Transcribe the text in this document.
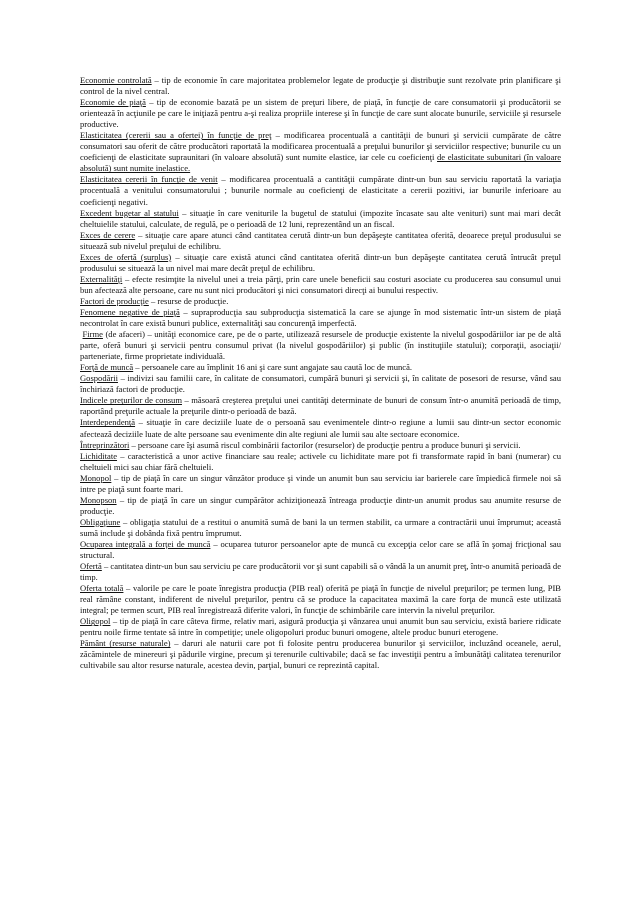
Economie controlată – tip de economie în care majoritatea problemelor legate de producţie şi distribuţie sunt rezolvate prin planificare şi control de la nivel central.

Economie de piaţă – tip de economie bazată pe un sistem de preţuri libere, de piaţă, în funcţie de care consumatorii şi producătorii se orientează în acţiunile pe care le iniţiază pentru a-şi realiza propriile interese şi în funcţie de care sunt alocate bunurile, serviciile şi resursele productive.

Elasticitatea (cererii sau a ofertei) în funcţie de preţ – modificarea procentuală a cantităţii de bunuri şi servicii cumpărate de către consumatori sau oferit de către producători raportată la modificarea procentuală a preţului bunurilor şi serviciilor respective; bunurile cu un coeficienţi de elasticitate supraunitari (în valoare absolută) sunt numite elastice, iar cele cu coeficienţi de elasticitate subunitari (în valoare absolută) sunt numite inelastice.

Elasticitatea cererii în funcţie de venit – modificarea procentuală a cantităţii cumpărate dintr-un bun sau serviciu raportată la variaţia procentuală a venitului consumatorului ; bunurile normale au coeficienţi de elasticitate a cererii pozitivi, iar bunurile inferioare au coeficienţi negativi.

Excedent bugetar al statului – situaţie în care veniturile la bugetul de statului (impozite încasate sau alte venituri) sunt mai mari decât cheltuielile statului, calculate, de regulă, pe o perioadă de 12 luni, reprezentând un an fiscal.

Exces de cerere – situaţie care apare atunci când cantitatea cerută dintr-un bun depăşeşte cantitatea oferită, deoarece preţul produsului se situează sub nivelul preţului de echilibru.

Exces de ofertă (surplus) – situaţie care există atunci când cantitatea oferită dintr-un bun depăşeşte cantitatea cerută întrucât preţul produsului se situează la un nivel mai mare decât preţul de echilibru.

Externalităţi – efecte resimţite la nivelul unei a treia părţi, prin care unele beneficii sau costuri asociate cu producerea sau consumul unui bun afectează alte persoane, care nu sunt nici producători şi nici consumatori direcţi ai bunului respectiv.

Factori de producţie – resurse de producţie.

Fenomene negative de piaţă – supraproducţia sau subproducţia sistematică la care se ajunge în mod sistematic într-un sistem de piaţă necontrolat în care există bunuri publice, externalităţi sau concurenţă imperfectă.

Firme (de afaceri) – unităţi economice care, pe de o parte, utilizează resursele de producţie existente la nivelul gospodăriilor iar pe de altă parte, oferă bunuri şi servicii pentru consumul privat (la nivelul gospodăriilor) şi public (în instituţiile statului); corporaţii, asociaţii/ parteneriate, firme proprietate individuală.

Forţă de muncă – persoanele care au împlinit 16 ani şi care sunt angajate sau caută loc de muncă.

Gospodării – indivizi sau familii care, în calitate de consumatori, cumpără bunuri şi servicii şi, în calitate de posesori de resurse, vând sau închiriază factori de producţie.

Indicele preţurilor de consum – măsoară creşterea preţului unei cantităţi determinate de bunuri de consum într-o anumită perioadă de timp, raportând preţurile actuale la preţurile dintr-o perioadă de bază.

Interdependenţă – situaţie în care deciziile luate de o persoană sau evenimentele dintr-o regiune a lumii sau dintr-un sector economic afectează deciziile luate de alte persoane sau evenimente din alte regiuni ale lumii sau alte sectoare economice.

Întreprinzători – persoane care îşi asumă riscul combinării factorilor (resurselor) de producţie pentru a produce bunuri şi servicii.

Lichiditate – caracteristică a unor active financiare sau reale; activele cu lichiditate mare pot fi transformate rapid în bani (numerar) cu cheltuieli mici sau chiar fără cheltuieli.

Monopol – tip de piaţă în care un singur vânzător produce şi vinde un anumit bun sau serviciu iar barierele care împiedică firmele noi să intre pe piaţă sunt foarte mari.

Monopson – tip de piaţă în care un singur cumpărător achiziţionează întreaga producţie dintr-un anumit produs sau anumite resurse de producţie.

Obligaţiune – obligaţia statului de a restitui o anumită sumă de bani la un termen stabilit, ca urmare a contractării unui împrumut; această sumă include şi dobânda fixă pentru împrumut.

Ocuparea integrală a forţei de muncă – ocuparea tuturor persoanelor apte de muncă cu excepţia celor care se află în şomaj fricţional sau structural.

Ofertă – cantitatea dintr-un bun sau serviciu pe care producătorii vor şi sunt capabili să o vândă la un anumit preţ, într-o anumită perioadă de timp.

Oferta totală – valorile pe care le poate înregistra producţia (PIB real) oferită pe piaţă în funcţie de nivelul preţurilor; pe termen lung, PIB real rămâne constant, indiferent de nivelul preţurilor, pentru că se produce la capacitatea maximă la care forţa de muncă este utilizată integral; pe termen scurt, PIB real înregistrează diferite valori, în funcţie de schimbările care intervin la nivelul preţurilor.

Oligopol – tip de piaţă în care câteva firme, relativ mari, asigură producţia şi vânzarea unui anumit bun sau serviciu, există bariere ridicate pentru noile firme tentate să intre în competiţie; unele oligopoluri produc bunuri omogene, altele produc bunuri eterogene.

Pământ (resurse naturale) – daruri ale naturii care pot fi folosite pentru producerea bunurilor şi serviciilor, incluzând oceanele, aerul, zăcămintele de minereuri şi pădurile virgine, precum şi terenurile cultivabile; dacă se fac investiţii pentru a îmbunătăţi calitatea terenurilor cultivabile sau altor resurse naturale, acestea devin, parţial, bunuri ce reprezintă capital.
